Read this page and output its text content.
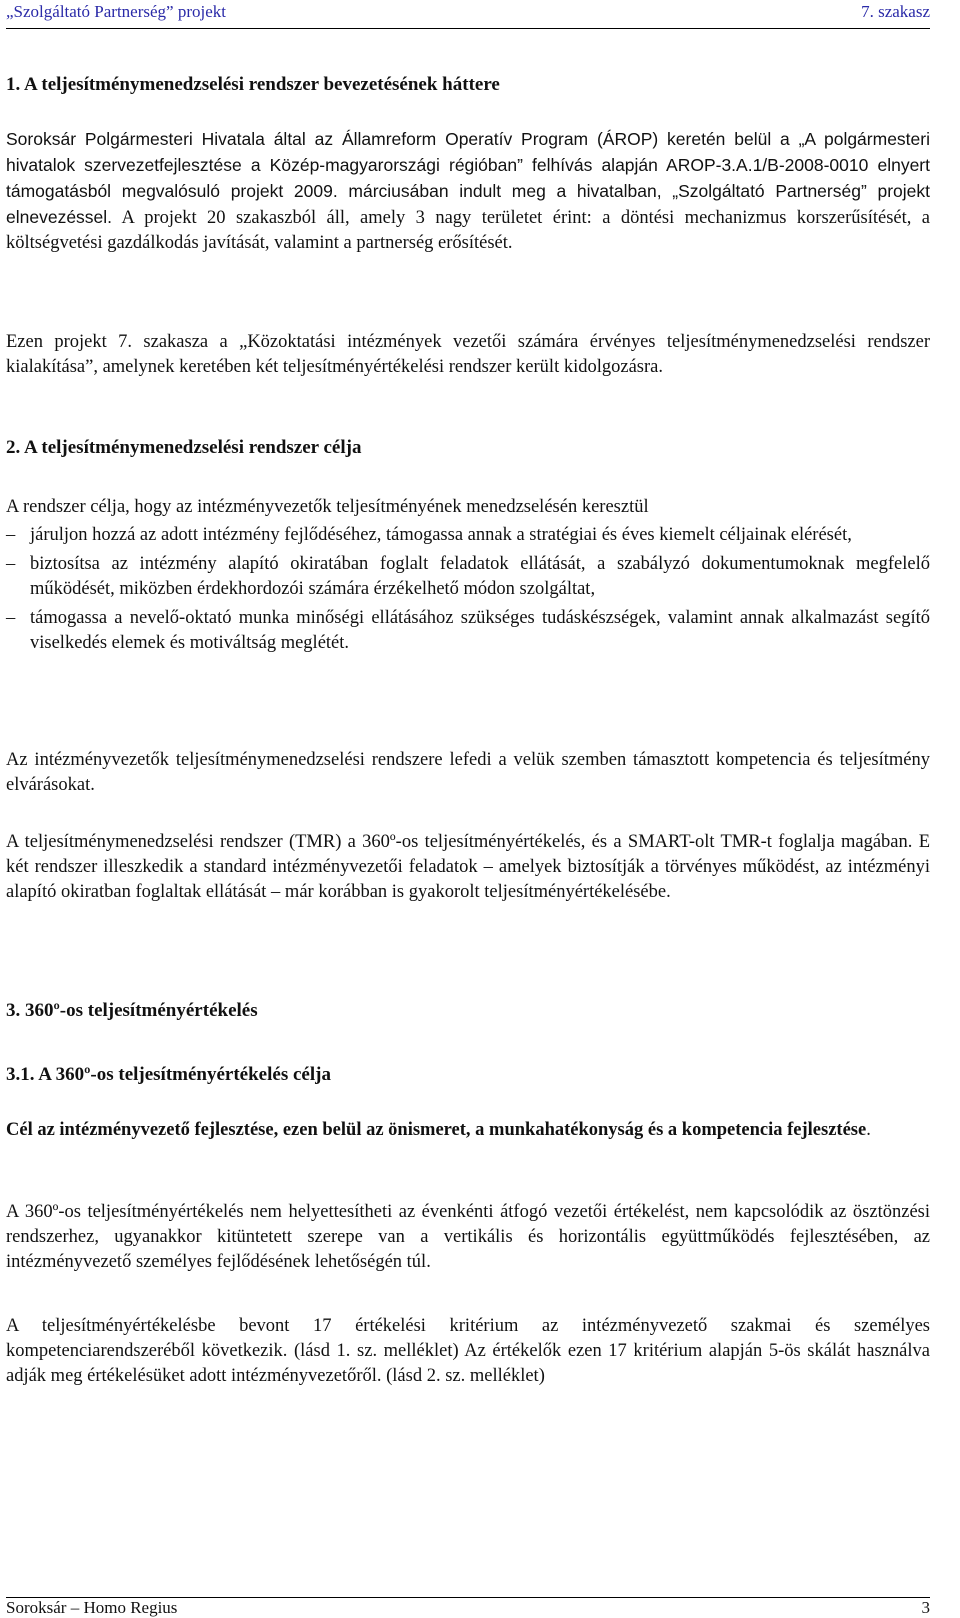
„Szolgáltató Partnerség” projekt	7. szakasz
1. A teljesítménymenedzselési rendszer bevezetésének háttere
Soroksár Polgármesteri Hivatala által az Államreform Operatív Program (ÁROP) keretén belül a „A polgármesteri hivatalok szervezetfejlesztése a Közép-magyarországi régióban” felhívás alapján AROP-3.A.1/B-2008-0010 elnyert támogatásból megvalósuló projekt 2009. márciusában indult meg a hivatalban, „Szolgáltató Partnerség” projekt elnevezéssel. A projekt 20 szakaszból áll, amely 3 nagy területet érint: a döntési mechanizmus korszerűsítését, a költségvetési gazdálkodás javítását, valamint a partnerség erősítését.
Ezen projekt 7. szakasza a „Közoktatási intézmények vezetői számára érvényes teljesítménymenedzselési rendszer kialakítása”, amelynek keretében két teljesítményértékelési rendszer került kidolgozásra.
2. A teljesítménymenedzselési rendszer célja
A rendszer célja, hogy az intézményvezetők teljesítményének menedzselésén keresztül
– járuljon hozzá az adott intézmény fejlődéséhez, támogassa annak a stratégiai és éves kiemelt céljainak elérését,
– biztosítsa az intézmény alapító okiratában foglalt feladatok ellátását, a szabályzó dokumentumoknak megfelelő működését, miközben érdekhordozói számára érzékelhető módon szolgáltat,
– támogassa a nevelő-oktató munka minőségi ellátásához szükséges tudáskészségek, valamint annak alkalmazást segítő viselkedés elemek és motiváltság meglétét.
Az intézményvezetők teljesítménymenedzselési rendszere lefedi a velük szemben támasztott kompetencia és teljesítmény elvárásokat.
A teljesítménymenedzselési rendszer (TMR) a 360º-os teljesítményértékelés, és a SMART-olt TMR-t foglalja magában. E két rendszer illeszkedik a standard intézményvezetői feladatok – amelyek biztosítják a törvényes működést, az intézményi alapító okiratban foglaltak ellátását – már korábban is gyakorolt teljesítményértékelésébe.
3. 360º-os teljesítményértékelés
3.1. A 360º-os teljesítményértékelés célja
Cél az intézményvezető fejlesztése, ezen belül az önismeret, a munkahatékonyság és a kompetencia fejlesztése.
A 360º-os teljesítményértékelés nem helyettesítheti az évenkénti átfogó vezetői értékelést, nem kapcsolódik az ösztönzési rendszerhez, ugyanakkor kitüntetett szerepe van a vertikális és horizontális együttműködés fejlesztésében, az intézményvezető személyes fejlődésének lehetőségén túl.
A teljesítményértékelésbe bevont 17 értékelési kritérium az intézményvezető szakmai és személyes kompetenciarendszeréből következik. (lásd 1. sz. melléklet) Az értékelők ezen 17 kritérium alapján 5-ös skálát használva adják meg értékelésüket adott intézményvezetőről. (lásd 2. sz. melléklet)
Soroksár – Homo Regius	3
